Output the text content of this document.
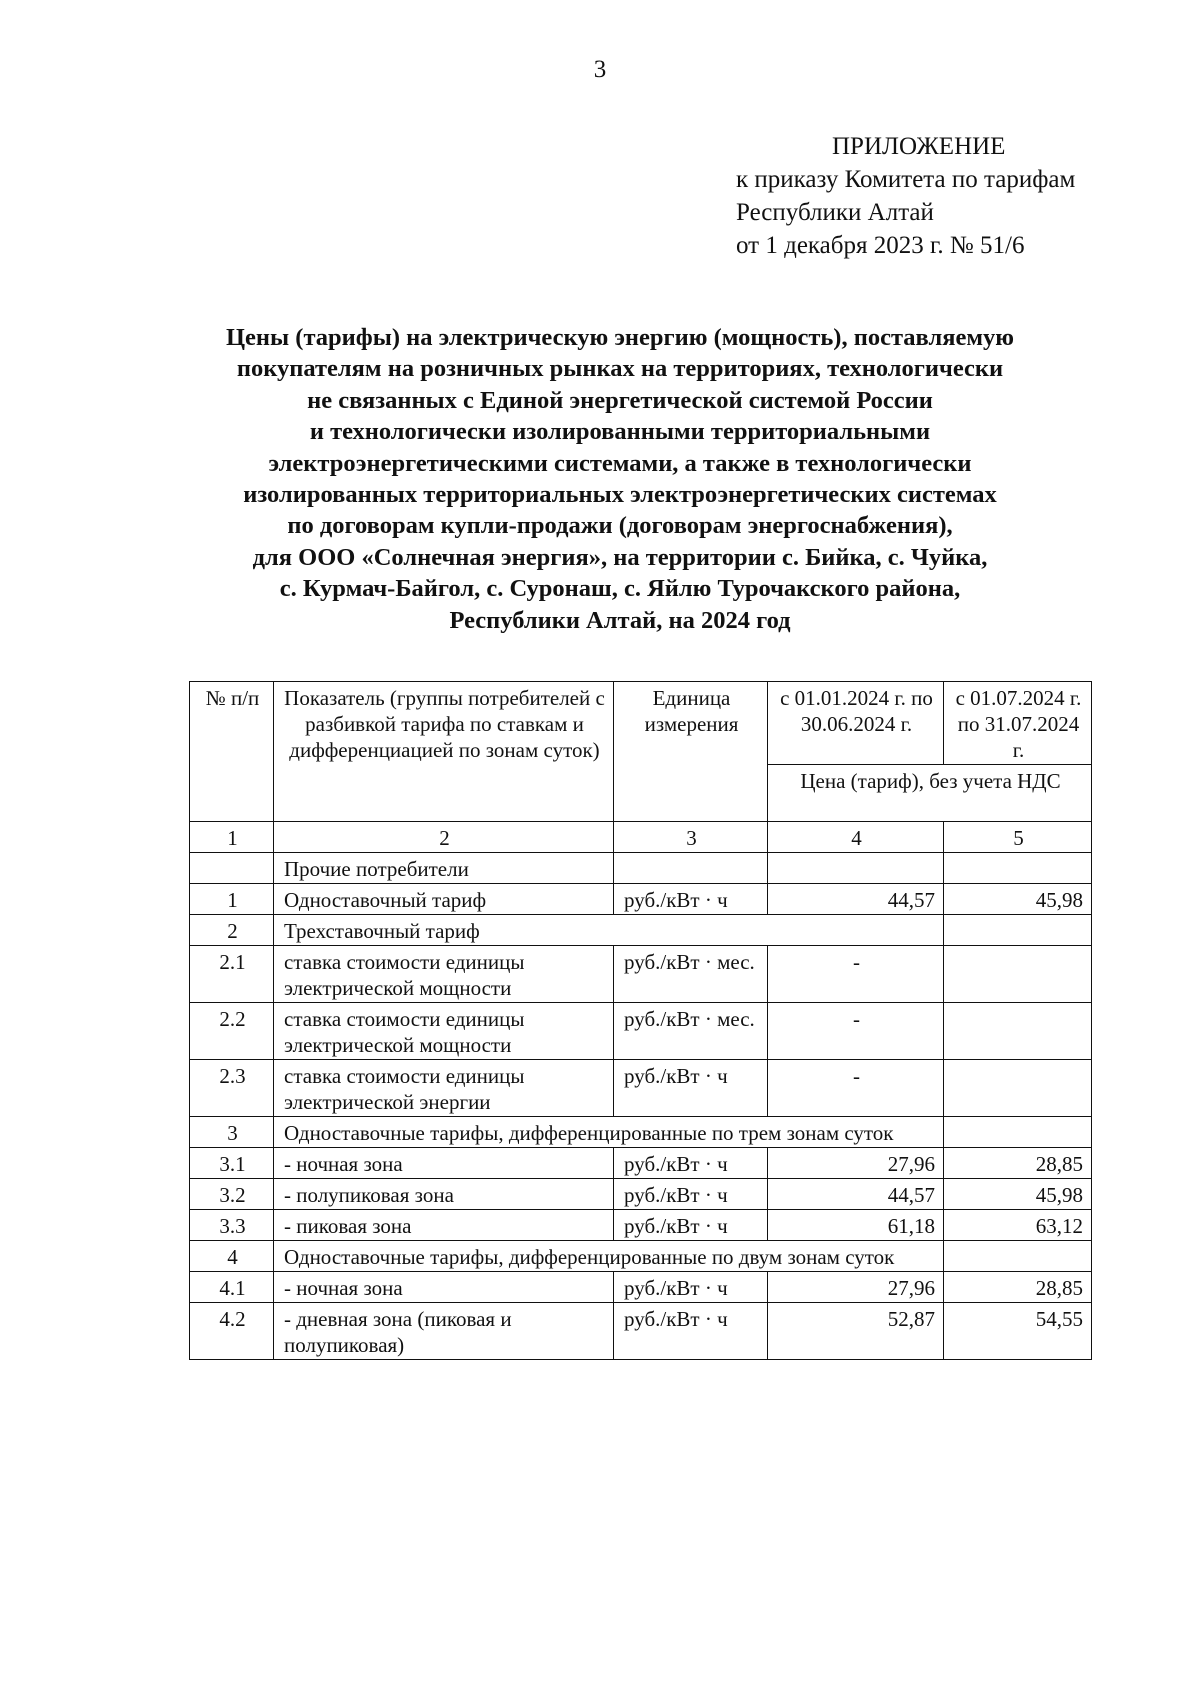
3
ПРИЛОЖЕНИЕ
к приказу Комитета по тарифам
Республики Алтай
от 1 декабря 2023 г. № 51/6
Цены (тарифы) на электрическую энергию (мощность), поставляемую
покупателям на розничных рынках на территориях, технологически
не связанных с Единой энергетической системой России
и технологически изолированными территориальными
электроэнергетическими системами, а также в технологически
изолированных территориальных электроэнергетических системах
по договорам купли-продажи (договорам энергоснабжения),
для ООО «Солнечная энергия», на территории с. Бийка, с. Чуйка,
с. Курмач-Байгол, с. Суронаш, с. Яйлю Турочакского района,
Республики Алтай, на 2024 год
№ п/п	Показатель (группы потребителей с разбивкой тарифа по ставкам и дифференциацией по зонам суток)	Единица измерения	с 01.01.2024 г. по 30.06.2024 г.	с 01.07.2024 г. по 31.07.2024 г.
			Цена (тариф), без учета НДС	
1	2	3	4	5
	Прочие потребители			
1	Одноставочный тариф	руб./кВт · ч	44,57	45,98
2	Трехставочный тариф			
2.1	ставка стоимости единицы электрической мощности	руб./кВт · мес.	-	
2.2	ставка стоимости единицы электрической мощности	руб./кВт · мес.	-	
2.3	ставка стоимости единицы электрической энергии	руб./кВт · ч	-	
3	Одноставочные тарифы, дифференцированные по трем зонам суток			
3.1	- ночная зона	руб./кВт · ч	27,96	28,85
3.2	- полупиковая зона	руб./кВт · ч	44,57	45,98
3.3	- пиковая зона	руб./кВт · ч	61,18	63,12
4	Одноставочные тарифы, дифференцированные по двум зонам суток			
4.1	- ночная зона	руб./кВт · ч	27,96	28,85
4.2	- дневная зона (пиковая и полупиковая)	руб./кВт · ч	52,87	54,55
